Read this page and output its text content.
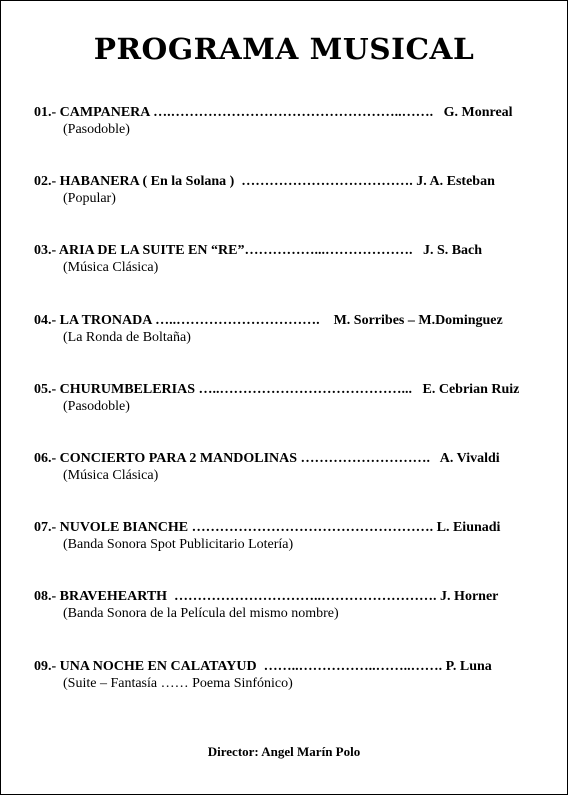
PROGRAMA MUSICAL
01.- CAMPANERA ….…………………………………………..…….   G. Monreal
(Pasodoble)
02.- HABANERA ( En la Solana )  ………………………………. J. A. Esteban
(Popular)
03.- ARIA DE LA SUITE EN “RE”……………...……………….   J. S. Bach
(Música Clásica)
04.- LA TRONADA …..………………………….    M. Sorribes – M.Dominguez
(La Ronda de Boltaña)
05.- CHURUMBELERIAS …..…………………………………...   E. Cebrian Ruiz
(Pasodoble)
06.- CONCIERTO PARA 2 MANDOLINAS ……………………….   A. Vivaldi
(Música Clásica)
07.- NUVOLE BIANCHE ……………………………………………. L. Eiunadi
(Banda Sonora Spot Publicitario Lotería)
08.- BRAVEHEARTH  …………………………..……………………. J. Horner
(Banda Sonora de la Película del mismo nombre)
09.- UNA NOCHE EN CALATAYUD  ……..……………..……..……. P. Luna
(Suite – Fantasía …… Poema Sinfónico)
Director: Angel Marín Polo
